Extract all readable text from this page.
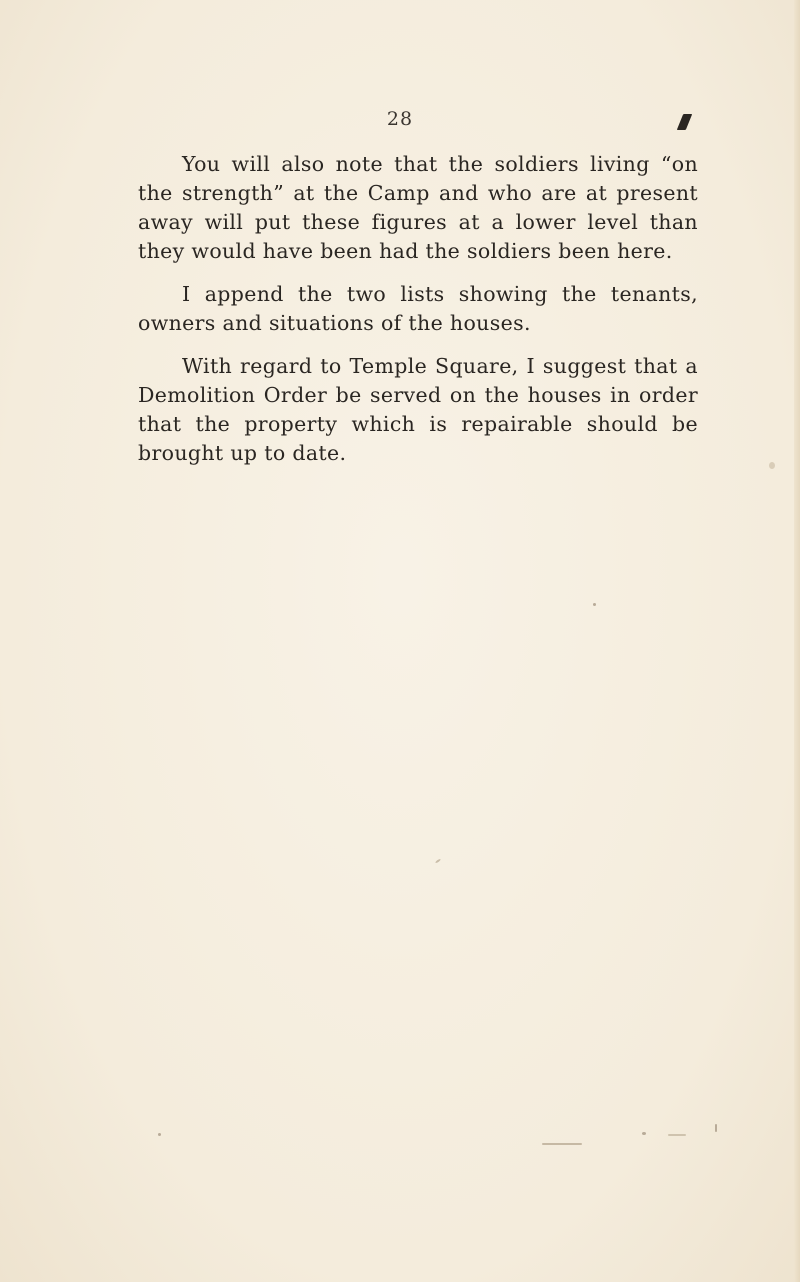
28

You will also note that the soldiers living “on the strength” at the Camp and who are at present away will put these figures at a lower level than they would have been had the soldiers been here.

I append the two lists showing the tenants, owners and situations of the houses.

With regard to Temple Square, I suggest that a Demolition Order be served on the houses in order that the property which is repairable should be brought up to date.
